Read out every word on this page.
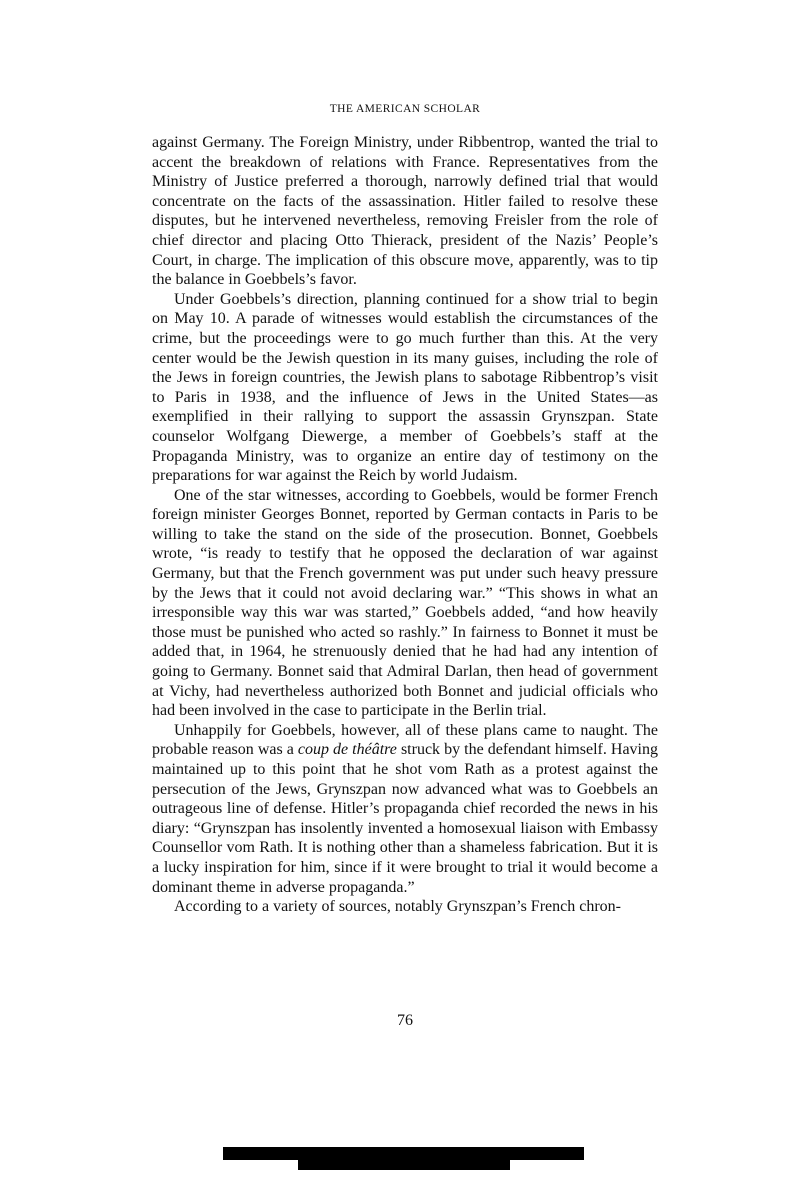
THE AMERICAN SCHOLAR

against Germany. The Foreign Ministry, under Ribbentrop, wanted the trial to accent the breakdown of relations with France. Representatives from the Ministry of Justice preferred a thorough, narrowly defined trial that would concentrate on the facts of the assassination. Hitler failed to resolve these disputes, but he intervened nevertheless, removing Freisler from the role of chief director and placing Otto Thierack, president of the Nazis’ People’s Court, in charge. The implication of this obscure move, apparently, was to tip the balance in Goebbels’s favor.

Under Goebbels’s direction, planning continued for a show trial to begin on May 10. A parade of witnesses would establish the circumstances of the crime, but the proceedings were to go much further than this. At the very center would be the Jewish question in its many guises, including the role of the Jews in foreign countries, the Jewish plans to sabotage Ribbentrop’s visit to Paris in 1938, and the influence of Jews in the United States—as exemplified in their rallying to support the assassin Grynszpan. State counselor Wolfgang Diewerge, a member of Goebbels’s staff at the Propaganda Ministry, was to organize an entire day of testimony on the preparations for war against the Reich by world Judaism.

One of the star witnesses, according to Goebbels, would be former French foreign minister Georges Bonnet, reported by German contacts in Paris to be willing to take the stand on the side of the prosecution. Bonnet, Goebbels wrote, “is ready to testify that he opposed the declaration of war against Germany, but that the French government was put under such heavy pressure by the Jews that it could not avoid declaring war.” “This shows in what an irresponsible way this war was started,” Goebbels added, “and how heavily those must be punished who acted so rashly.” In fairness to Bonnet it must be added that, in 1964, he strenuously denied that he had had any intention of going to Germany. Bonnet said that Admiral Darlan, then head of government at Vichy, had nevertheless authorized both Bonnet and judicial officials who had been involved in the case to participate in the Berlin trial.

Unhappily for Goebbels, however, all of these plans came to naught. The probable reason was a coup de théâtre struck by the defendant himself. Having maintained up to this point that he shot vom Rath as a protest against the persecution of the Jews, Grynszpan now advanced what was to Goebbels an outrageous line of defense. Hitler’s propaganda chief recorded the news in his diary: “Grynszpan has insolently invented a homosexual liaison with Embassy Counsellor vom Rath. It is nothing other than a shameless fabrication. But it is a lucky inspiration for him, since if it were brought to trial it would become a dominant theme in adverse propaganda.”

According to a variety of sources, notably Grynszpan’s French chron-

76
